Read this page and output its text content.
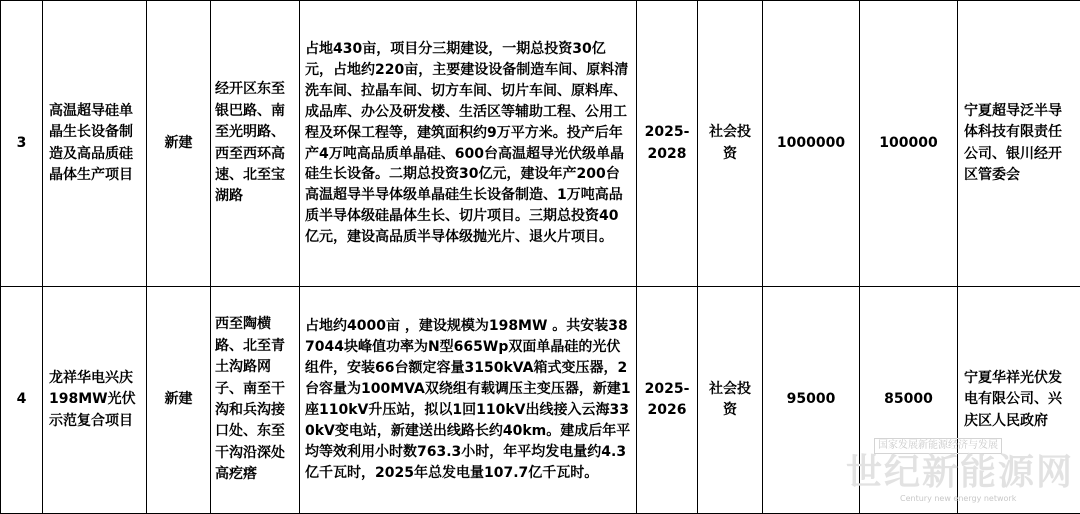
3	高温超导硅单晶生长设备制造及高品质硅晶体生产项目	新建	经开区东至银巴路、南至光明路、西至西环高速、北至宝湖路	占地430亩，项目分三期建设，一期总投资30亿元，占地约220亩，主要建设设备制造车间、原料清洗车间、拉晶车间、切方车间、切片车间、原料库、成品库、办公及研发楼、生活区等辅助工程、公用工程及环保工程等，建筑面积约9万平方米。投产后年产4万吨高品质单晶硅、600台高温超导光伏级单晶硅生长设备。二期总投资30亿元，建设年产200台高温超导半导体级单晶硅生长设备制造、1万吨高品质半导体级硅晶体生长、切片项目。三期总投资40亿元，建设高品质半导体级抛光片、退火片项目。	2025-2028	社会投资	1000000	100000	宁夏超导泛半导体科技有限责任公司、银川经开区管委会
4	龙祥华电兴庆198MW光伏示范复合项目	新建	西至陶横路、北至青土沟路网子、南至干沟和兵沟接口处、东至干沟沿深处高疙瘩	占地约4000亩 ，建设规模为198MW 。共安装387044块峰值功率为N型665Wp双面单晶硅的光伏组件，安装66台额定容量3150kVA箱式变压器，2台容量为100MVA双绕组有载调压主变压器，新建1座110kV升压站，拟以1回110kV出线接入云海330kV变电站，新建送出线路长约40km。建成后年平均等效利用小时数763.3小时，年平均发电量约4.3亿千瓦时，2025年总发电量107.7亿千瓦时。	2025-2026	社会投资	95000	85000	宁夏华祥光伏发电有限公司、兴庆区人民政府
国家发展新能源经济与发展
世纪新能源网
Century new energy network
